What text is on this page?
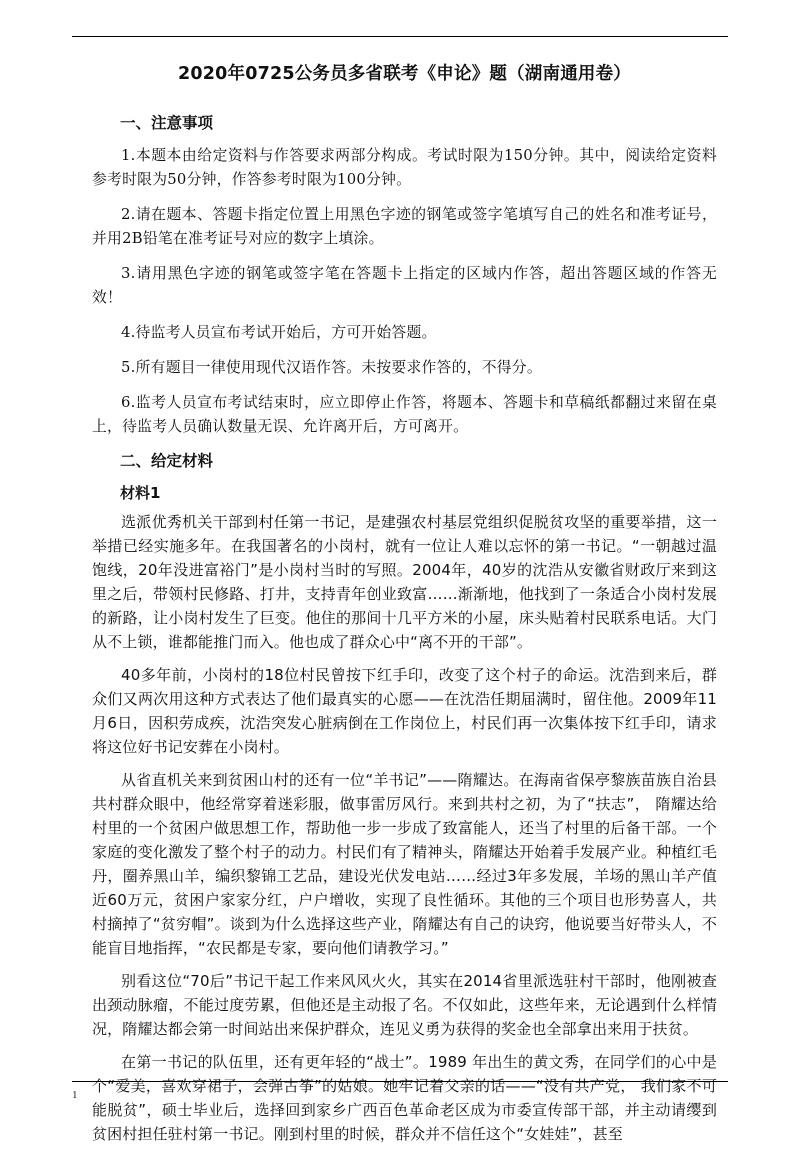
2020年0725公务员多省联考《申论》题（湖南通用卷）
一、注意事项

1.本题本由给定资料与作答要求两部分构成。考试时限为150分钟。其中，阅读给定资料参考时限为50分钟，作答参考时限为100分钟。

2.请在题本、答题卡指定位置上用黑色字迹的钢笔或签字笔填写自己的姓名和准考证号，并用2B铅笔在准考证号对应的数字上填涂。

3.请用黑色字迹的钢笔或签字笔在答题卡上指定的区域内作答，超出答题区域的作答无效！

4.待监考人员宣布考试开始后，方可开始答题。

5.所有题目一律使用现代汉语作答。未按要求作答的，不得分。

6.监考人员宣布考试结束时，应立即停止作答，将题本、答题卡和草稿纸都翻过来留在桌上，待监考人员确认数量无误、允许离开后，方可离开。

二、给定材料
材料1

选派优秀机关干部到村任第一书记，是建强农村基层党组织促脱贫攻坚的重要举措，这一举措已经实施多年。在我国著名的小岗村，就有一位让人难以忘怀的第一书记。“一朝越过温饱线，20年没进富裕门”是小岗村当时的写照。2004年，40岁的沈浩从安徽省财政厅来到这里之后，带领村民修路、打井，支持青年创业致富……渐渐地，他找到了一条适合小岗村发展的新路，让小岗村发生了巨变。他住的那间十几平方米的小屋，床头贴着村民联系电话。大门从不上锁，谁都能推门而入。他也成了群众心中“离不开的干部”。

40多年前，小岗村的18位村民曾按下红手印，改变了这个村子的命运。沈浩到来后，群众们又两次用这种方式表达了他们最真实的心愿——在沈浩任期届满时，留住他。2009年11月6日，因积劳成疾，沈浩突发心脏病倒在工作岗位上，村民们再一次集体按下红手印，请求将这位好书记安葬在小岗村。

从省直机关来到贫困山村的还有一位“羊书记”——隋耀达。在海南省保亭黎族苗族自治县共村群众眼中，他经常穿着迷彩服，做事雷厉风行。来到共村之初，为了“扶志”， 隋耀达给村里的一个贫困户做思想工作，帮助他一步一步成了致富能人，还当了村里的后备干部。一个家庭的变化激发了整个村子的动力。村民们有了精神头，隋耀达开始着手发展产业。种植红毛丹，圈养黑山羊，编织黎锦工艺品，建设光伏发电站……经过3年多发展，羊场的黑山羊产值近60万元，贫困户家家分红，户户增收，实现了良性循环。其他的三个项目也形势喜人，共村摘掉了“贫穷帽”。谈到为什么选择这些产业，隋耀达有自己的诀窍，他说要当好带头人，不能盲目地指挥，“农民都是专家，要向他们请教学习。”

别看这位“70后”书记干起工作来风风火火，其实在2014省里派选驻村干部时，他刚被查出颈动脉瘤，不能过度劳累，但他还是主动报了名。不仅如此，这些年来，无论遇到什么样情况，隋耀达都会第一时间站出来保护群众，连见义勇为获得的奖金也全部拿出来用于扶贫。

在第一书记的队伍里，还有更年轻的“战士”。1989 年出生的黄文秀，在同学们的心中是个“爱美，喜欢穿裙子，会弹古筝”的姑娘。她牢记着父亲的话——“没有共产党， 我们家不可能脱贫”，硕士毕业后，选择回到家乡广西百色革命老区成为市委宣传部干部，并主动请缨到贫困村担任驻村第一书记。刚到村里的时候，群众并不信任这个“女娃娃”，甚至

1
